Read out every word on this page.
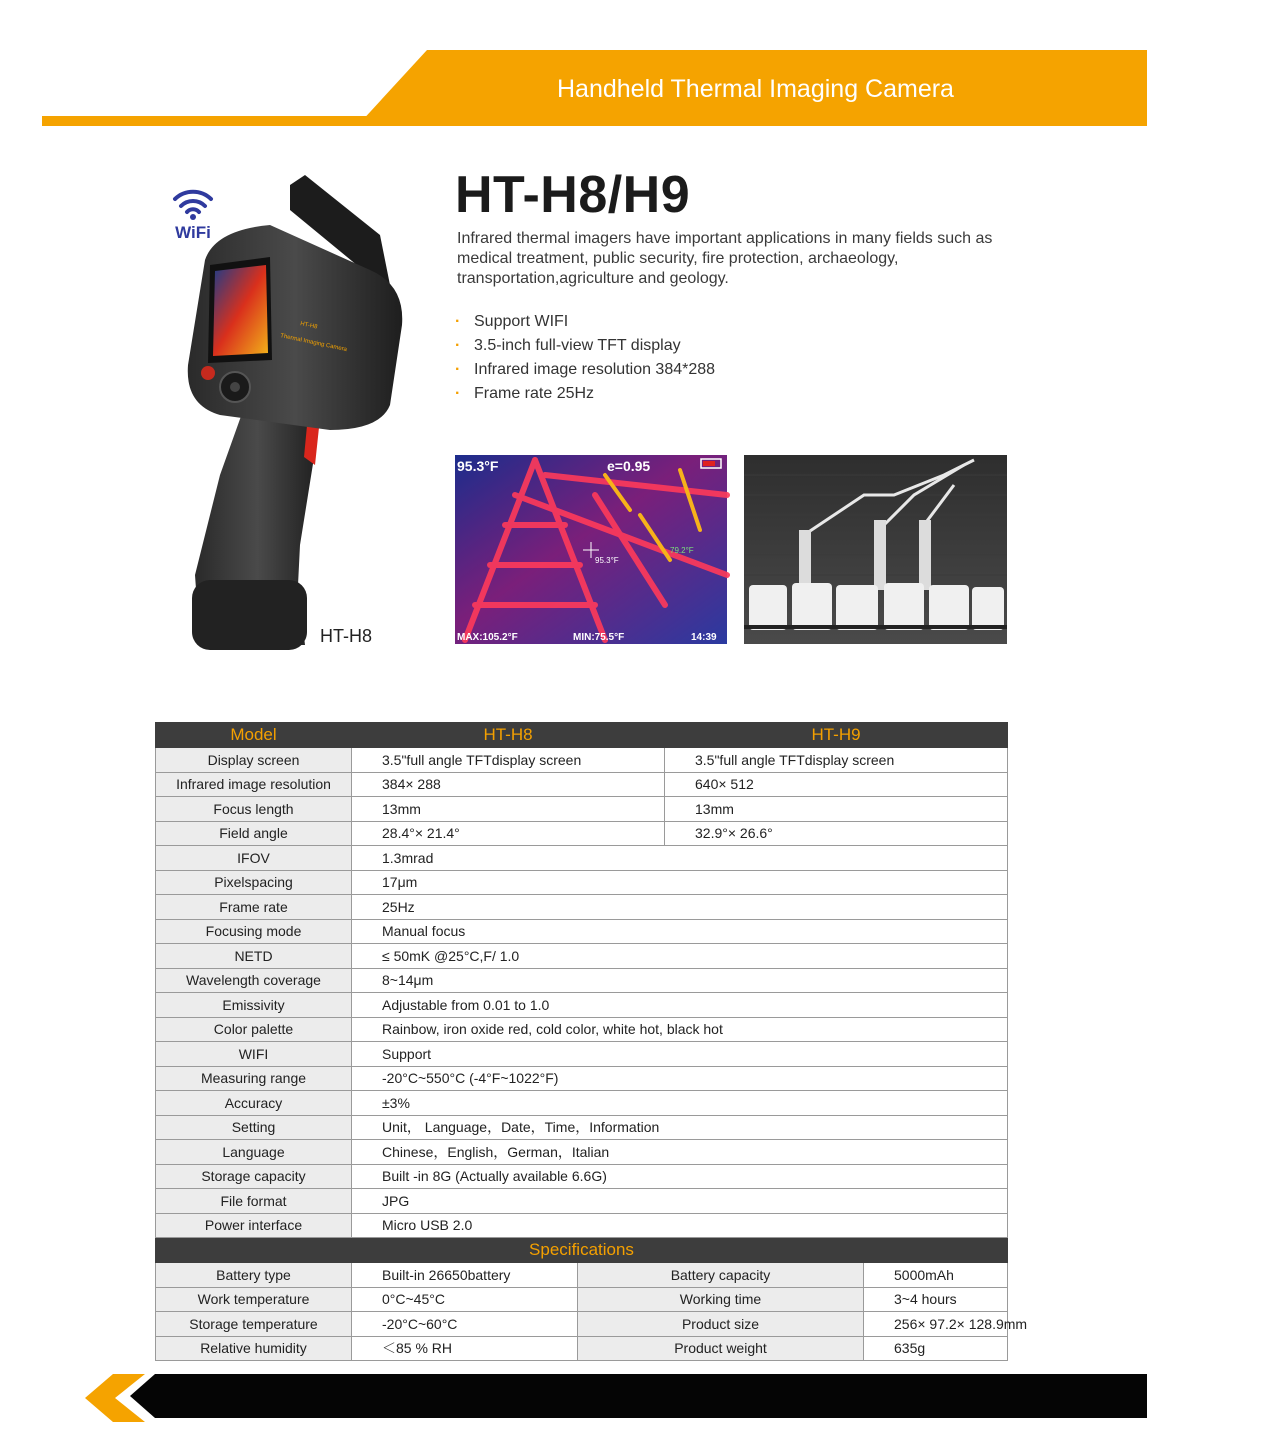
Handheld Thermal Imaging Camera
WiFi
HT-H8
Thermal Imaging Camera
HT-H8
HT-H8/H9
Infrared thermal imagers have important applications in many fields such as medical treatment, public security, fire protection, archaeology, transportation,agriculture and geology.
· Support WIFI
· 3.5-inch full-view TFT display
· Infrared image resolution 384*288
· Frame rate 25Hz
95.3°F	e=0.95
MAX:105.2°F	MIN:75.5°F	14:39
95.3°F
79.2°F
Model	HT-H8		HT-H9	
Display screen	3.5"full angle TFTdisplay screen		3.5"full angle TFTdisplay screen	
Infrared image resolution	384× 288		640× 512	
Focus length	13mm		13mm	
Field angle	28.4°× 21.4°		32.9°× 26.6°	
IFOV	1.3mrad			
Pixelspacing	17μm			
Frame rate	25Hz			
Focusing mode	Manual focus			
NETD	≤ 50mK @25°C,F/ 1.0			
Wavelength coverage	8~14μm			
Emissivity	Adjustable from 0.01 to 1.0			
Color palette	Rainbow, iron oxide red, cold color, white hot, black hot			
WIFI	Support			
Measuring range	-20°C~550°C (-4°F~1022°F)			
Accuracy	±3%			
Setting	Unit， Language，Date，Time，Information			
Language	Chinese，English，German，Italian			
Storage capacity	Built -in 8G (Actually available 6.6G)			
File format	JPG			
Power interface	Micro USB 2.0			
Specifications				
Battery type	Built-in 26650battery	Battery capacity		5000mAh
Work temperature	0°C~45°C	Working time		3~4 hours
Storage temperature	-20°C~60°C	Product size		256× 97.2× 128.9mm
Relative humidity	＜85 % RH	Product weight		635g
